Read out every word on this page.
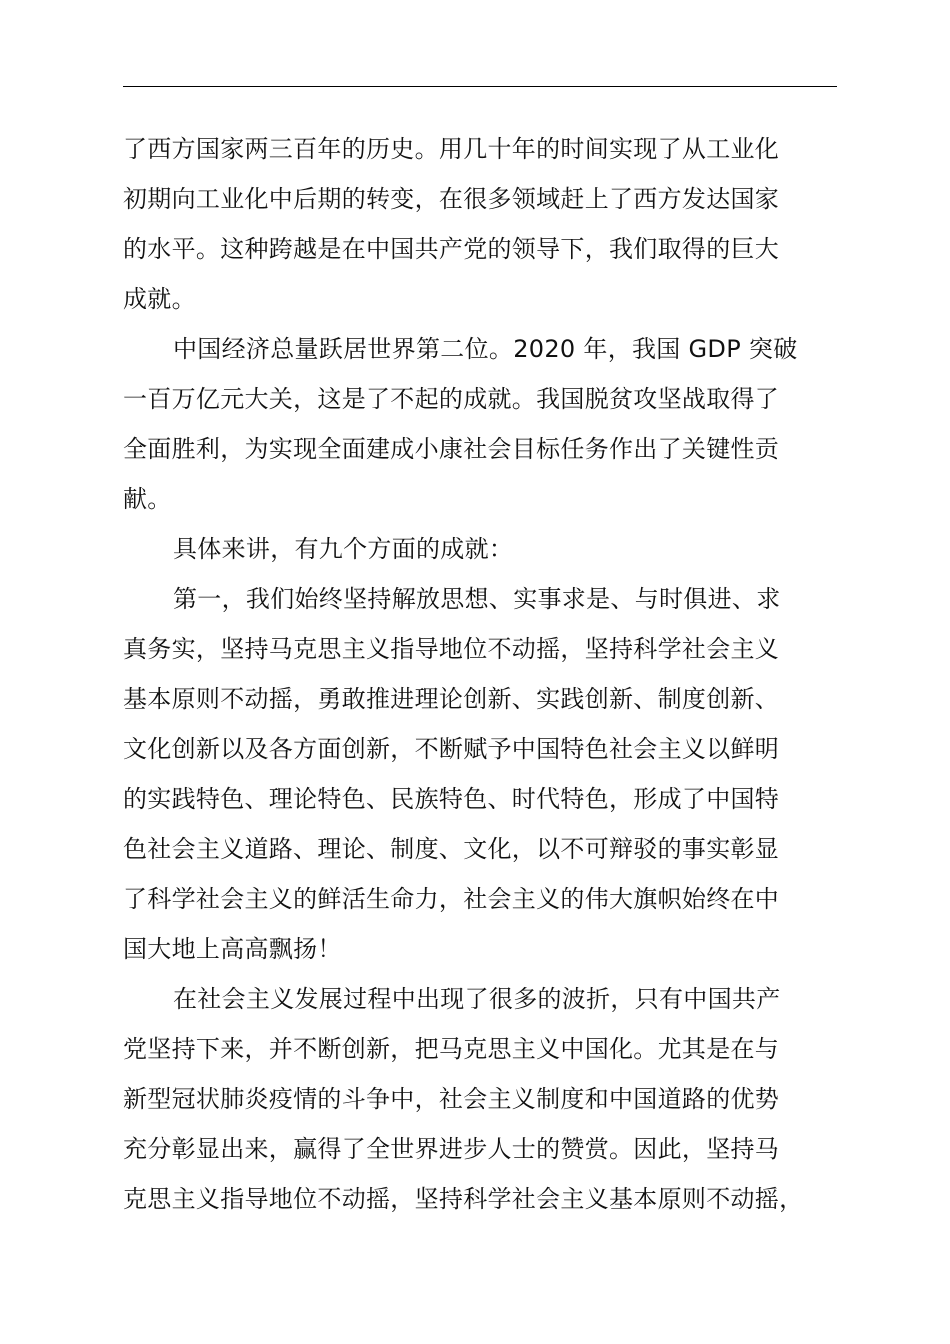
了西方国家两三百年的历史。用几十年的时间实现了从工业化
初期向工业化中后期的转变，在很多领域赶上了西方发达国家
的水平。这种跨越是在中国共产党的领导下，我们取得的巨大
成就。
中国经济总量跃居世界第二位。2020 年，我国 GDP 突破
一百万亿元大关，这是了不起的成就。我国脱贫攻坚战取得了
全面胜利，为实现全面建成小康社会目标任务作出了关键性贡
献。
具体来讲，有九个方面的成就：
第一，我们始终坚持解放思想、实事求是、与时俱进、求
真务实，坚持马克思主义指导地位不动摇，坚持科学社会主义
基本原则不动摇，勇敢推进理论创新、实践创新、制度创新、
文化创新以及各方面创新，不断赋予中国特色社会主义以鲜明
的实践特色、理论特色、民族特色、时代特色，形成了中国特
色社会主义道路、理论、制度、文化，以不可辩驳的事实彰显
了科学社会主义的鲜活生命力，社会主义的伟大旗帜始终在中
国大地上高高飘扬！
在社会主义发展过程中出现了很多的波折，只有中国共产
党坚持下来，并不断创新，把马克思主义中国化。尤其是在与
新型冠状肺炎疫情的斗争中，社会主义制度和中国道路的优势
充分彰显出来，赢得了全世界进步人士的赞赏。因此，坚持马
克思主义指导地位不动摇，坚持科学社会主义基本原则不动摇，
